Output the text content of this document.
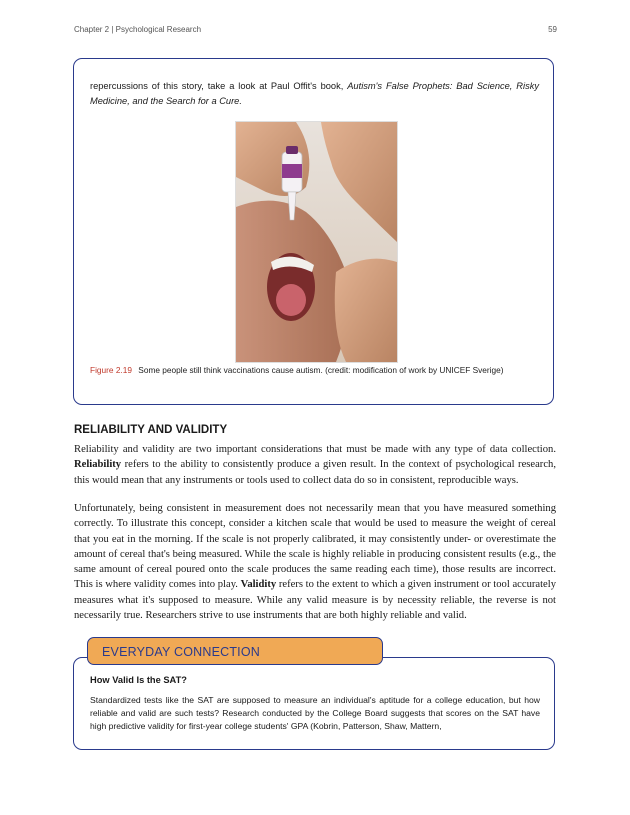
Chapter 2 | Psychological Research	59
repercussions of this story, take a look at Paul Offit's book, Autism's False Prophets: Bad Science, Risky Medicine, and the Search for a Cure.
Figure 2.19 Some people still think vaccinations cause autism. (credit: modification of work by UNICEF Sverige)
RELIABILITY AND VALIDITY

Reliability and validity are two important considerations that must be made with any type of data collection. Reliability refers to the ability to consistently produce a given result. In the context of psychological research, this would mean that any instruments or tools used to collect data do so in consistent, reproducible ways.

Unfortunately, being consistent in measurement does not necessarily mean that you have measured something correctly. To illustrate this concept, consider a kitchen scale that would be used to measure the weight of cereal that you eat in the morning. If the scale is not properly calibrated, it may consistently under- or overestimate the amount of cereal that's being measured. While the scale is highly reliable in producing consistent results (e.g., the same amount of cereal poured onto the scale produces the same reading each time), those results are incorrect. This is where validity comes into play. Validity refers to the extent to which a given instrument or tool accurately measures what it's supposed to measure. While any valid measure is by necessity reliable, the reverse is not necessarily true. Researchers strive to use instruments that are both highly reliable and valid.

EVERYDAY CONNECTION
How Valid Is the SAT?
Standardized tests like the SAT are supposed to measure an individual's aptitude for a college education, but how reliable and valid are such tests? Research conducted by the College Board suggests that scores on the SAT have high predictive validity for first-year college students' GPA (Kobrin, Patterson, Shaw, Mattern,
